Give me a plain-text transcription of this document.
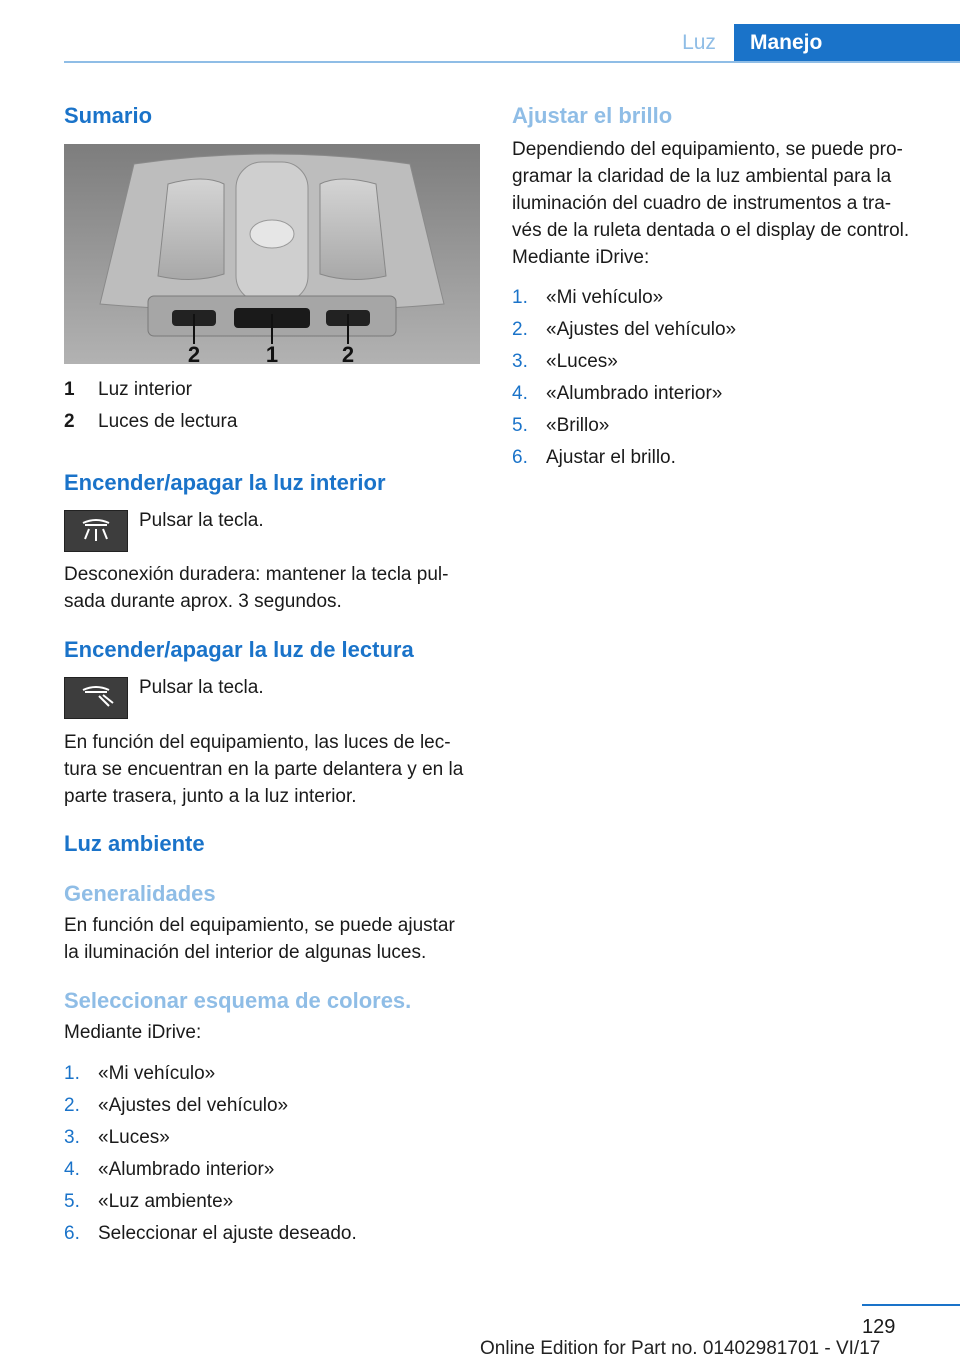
Luz	Manejo
Sumario
2	1	2
1	Luz interior
2	Luces de lectura
Encender/apagar la luz interior

Pulsar la tecla.

Desconexión duradera: mantener la tecla pul-

sada durante aprox. 3 segundos.

Encender/apagar la luz de lectura

Pulsar la tecla.

En función del equipamiento, las luces de lec-

tura se encuentran en la parte delantera y en la

parte trasera, junto a la luz interior.

Luz ambiente
Generalidades

En función del equipamiento, se puede ajustar

la iluminación del interior de algunas luces.

Seleccionar esquema de colores.

Mediante iDrive:

1. «Mi vehículo»
2. «Ajustes del vehículo»
3. «Luces»
4. «Alumbrado interior»
5. «Luz ambiente»
6. Seleccionar el ajuste deseado.
Ajustar el brillo

Dependiendo del equipamiento, se puede pro-

gramar la claridad de la luz ambiental para la

iluminación del cuadro de instrumentos a tra-

vés de la ruleta dentada o el display de control.

Mediante iDrive:

1. «Mi vehículo»
2. «Ajustes del vehículo»
3. «Luces»
4. «Alumbrado interior»
5. «Brillo»
6. Ajustar el brillo.
129
Online Edition for Part no. 01402981701 - VI/17
